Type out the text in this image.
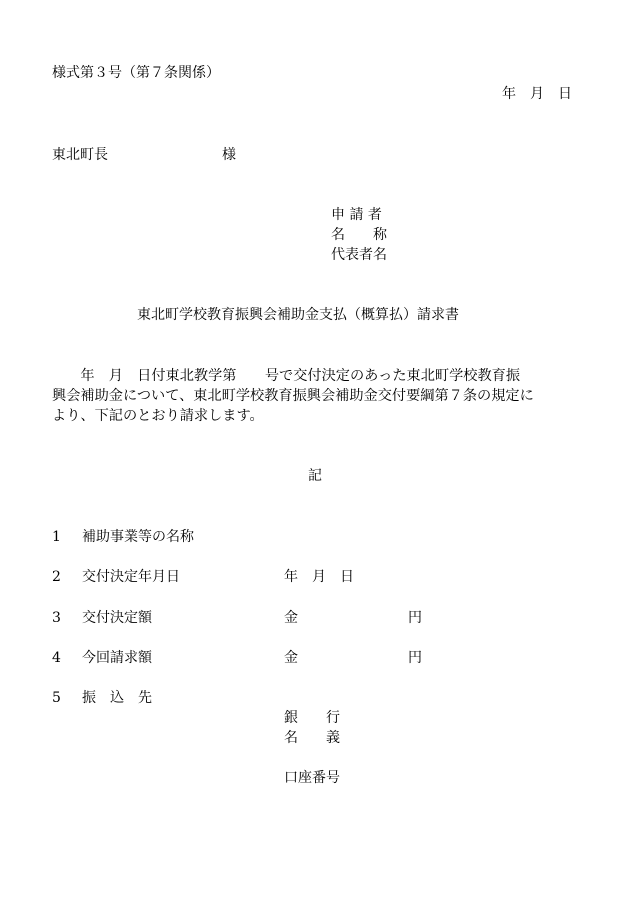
様式第３号（第７条関係）
年　月　日
東北町長	様
申 請 者
名　　称
代表者名
東北町学校教育振興会補助金支払（概算払）請求書
　　年　月　日付東北教学第　　号で交付決定のあった東北町学校教育振
興会補助金について、東北町学校教育振興会補助金交付要綱第７条の規定に
より、下記のとおり請求します。
記
1 補助事業等の名称
2 交付決定年月日	年　月　日
3 交付決定額	金	円
4 今回請求額	金	円
5 振　込　先
銀　　行
名　　義
口座番号
